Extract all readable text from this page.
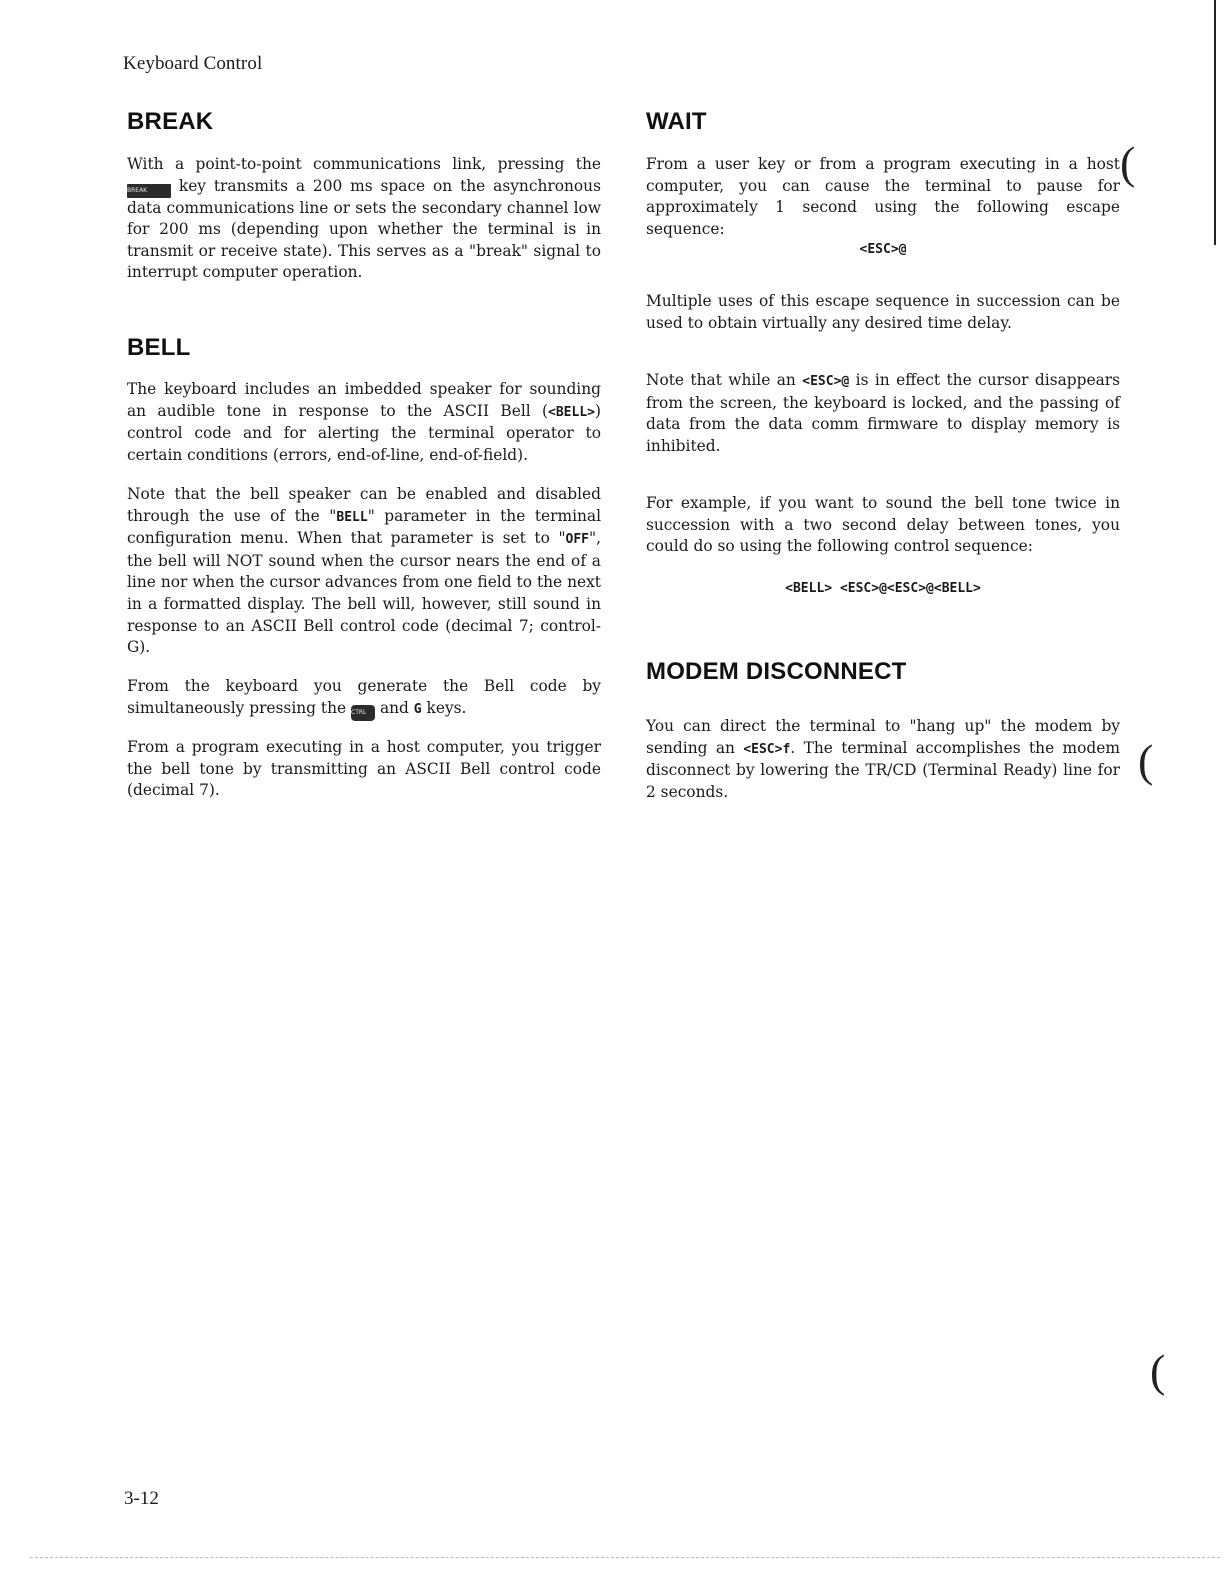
(
(
(
Keyboard Control
BREAK

With a point-to-point communications link, pressing the BREAK key transmits a 200 ms space on the asynchronous data communications line or sets the secondary channel low for 200 ms (depending upon whether the terminal is in transmit or receive state). This serves as a "break" signal to interrupt computer operation.

BELL

The keyboard includes an imbedded speaker for sounding an audible tone in response to the ASCII Bell (<BELL>) control code and for alerting the terminal operator to certain conditions (errors, end-of-line, end-of-field).

Note that the bell speaker can be enabled and disabled through the use of the "BELL" parameter in the terminal configuration menu. When that parameter is set to "OFF", the bell will NOT sound when the cursor nears the end of a line nor when the cursor advances from one field to the next in a formatted display. The bell will, however, still sound in response to an ASCII Bell control code (decimal 7; control-G).

From the keyboard you generate the Bell code by simultaneously pressing the CTRL and G keys.

From a program executing in a host computer, you trigger the bell tone by transmitting an ASCII Bell control code (decimal 7).

WAIT

From a user key or from a program executing in a host computer, you can cause the terminal to pause for approximately 1 second using the following escape sequence:

<ESC>@

Multiple uses of this escape sequence in succession can be used to obtain virtually any desired time delay.

Note that while an <ESC>@ is in effect the cursor disappears from the screen, the keyboard is locked, and the passing of data from the data comm firmware to display memory is inhibited.

For example, if you want to sound the bell tone twice in succession with a two second delay between tones, you could do so using the following control sequence:

<BELL> <ESC>@<ESC>@<BELL>
MODEM DISCONNECT

You can direct the terminal to "hang up" the modem by sending an <ESC>f. The terminal accomplishes the modem disconnect by lowering the TR/CD (Terminal Ready) line for 2 seconds.

3-12
